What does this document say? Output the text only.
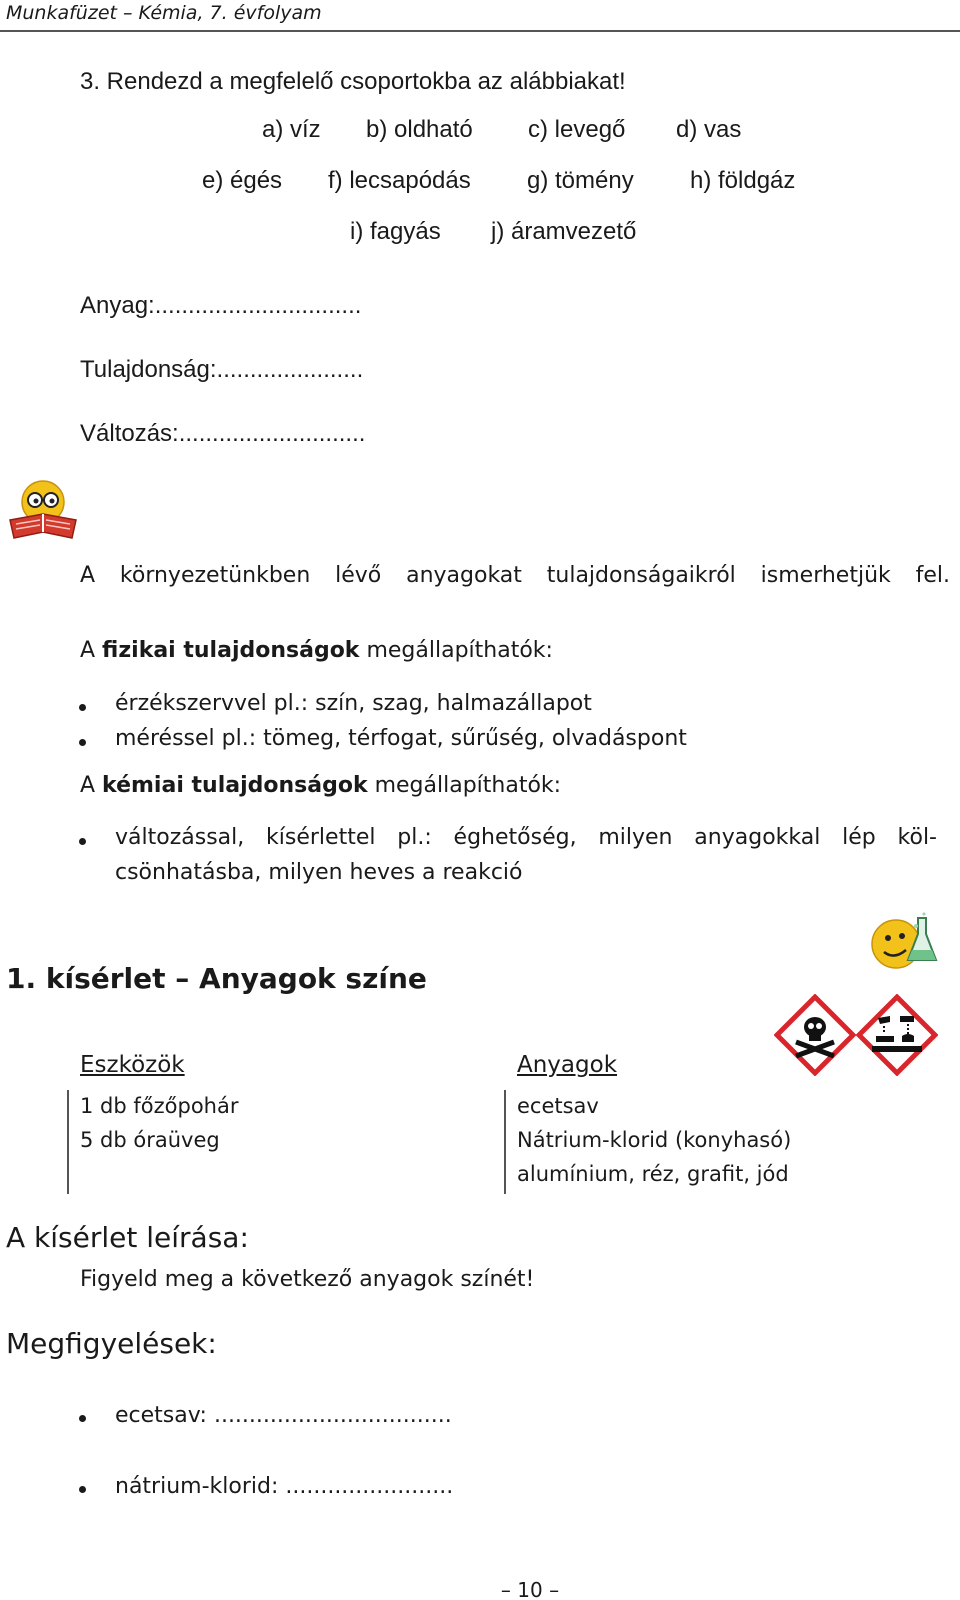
Munkafüzet – Kémia, 7. évfolyam
3. Rendezd a megfelelő csoportokba az alábbiakat!
a) víz b) oldható c) levegő d) vas
e) égés f) lecsapódás g) tömény h) földgáz
i) fagyás j) áramvezető
Anyag:...............................
Tulajdonság:......................
Változás:............................
A környezetünkben lévő anyagokat tulajdonságaikról ismerhetjük fel.
A fizikai tulajdonságok megállapíthatók:
érzékszervvel pl.: szín, szag, halmazállapot
méréssel pl.: tömeg, térfogat, sűrűség, olvadáspont
A kémiai tulajdonságok megállapíthatók:
változással, kísérlettel pl.: éghetőség, milyen anyagokkal lép köl-
csönhatásba, milyen heves a reakció
1. kísérlet – Anyagok színe
Eszközök
1 db főzőpohár
5 db óraüveg
Anyagok
ecetsav
Nátrium-klorid (konyhasó)
alumínium, réz, grafit, jód
A kísérlet leírása:
Figyeld meg a következő anyagok színét!
Megfigyelések:
ecetsav: ..................................
nátrium-klorid: ........................
– 10 –
